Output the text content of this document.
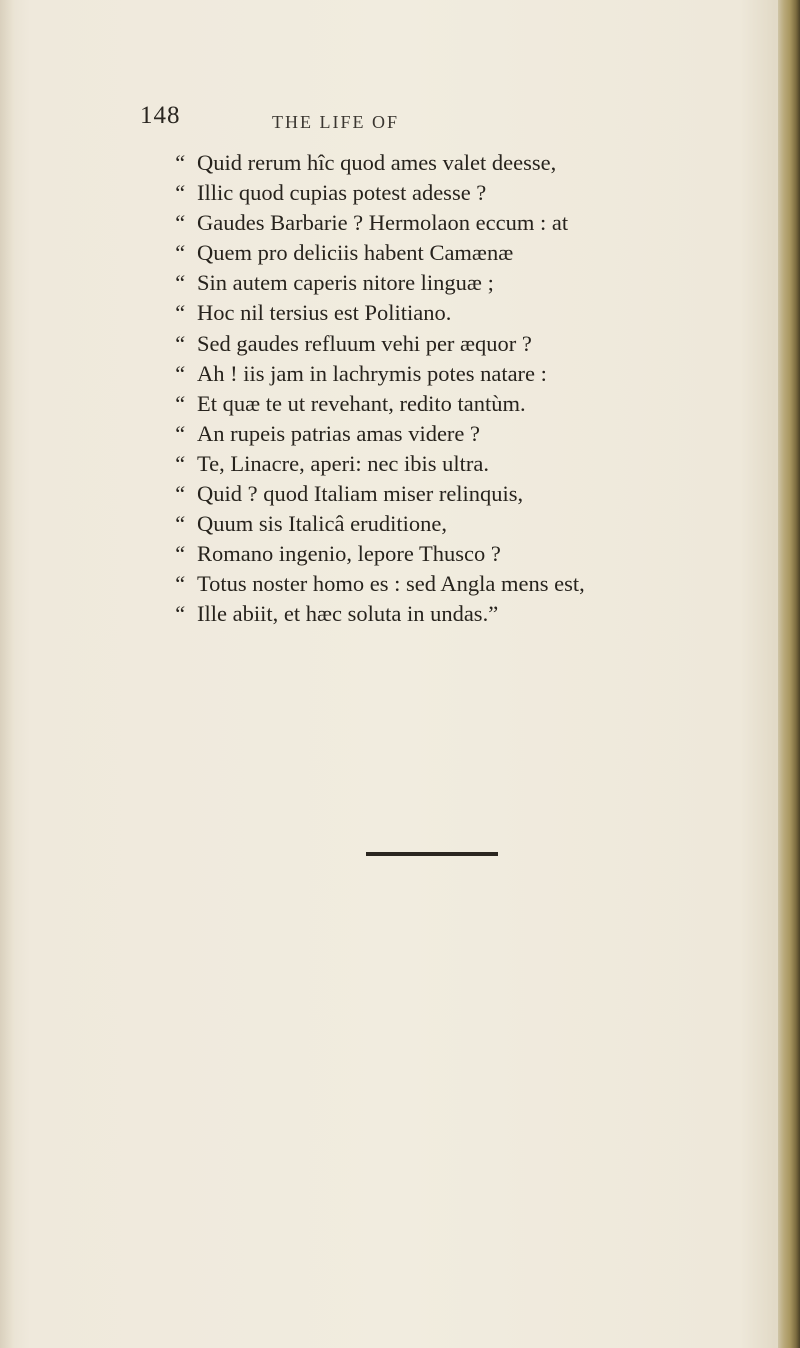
148	THE LIFE OF
“ Quid rerum hîc quod ames valet deesse,
“ Illic quod cupias potest adesse ?
“ Gaudes Barbarie ? Hermolaon eccum : at
“ Quem pro deliciis habent Camænæ
“ Sin autem caperis nitore linguæ ;
“ Hoc nil tersius est Politiano.
“ Sed gaudes refluum vehi per æquor ?
“ Ah ! iis jam in lachrymis potes natare :
“ Et quæ te ut revehant, redito tantùm.
“ An rupeis patrias amas videre ?
“ Te, Linacre, aperi: nec ibis ultra.
“ Quid ? quod Italiam miser relinquis,
“ Quum sis Italicâ eruditione,
“ Romano ingenio, lepore Thusco ?
“ Totus noster homo es : sed Angla mens est,
“ Ille abiit, et hæc soluta in undas.”
